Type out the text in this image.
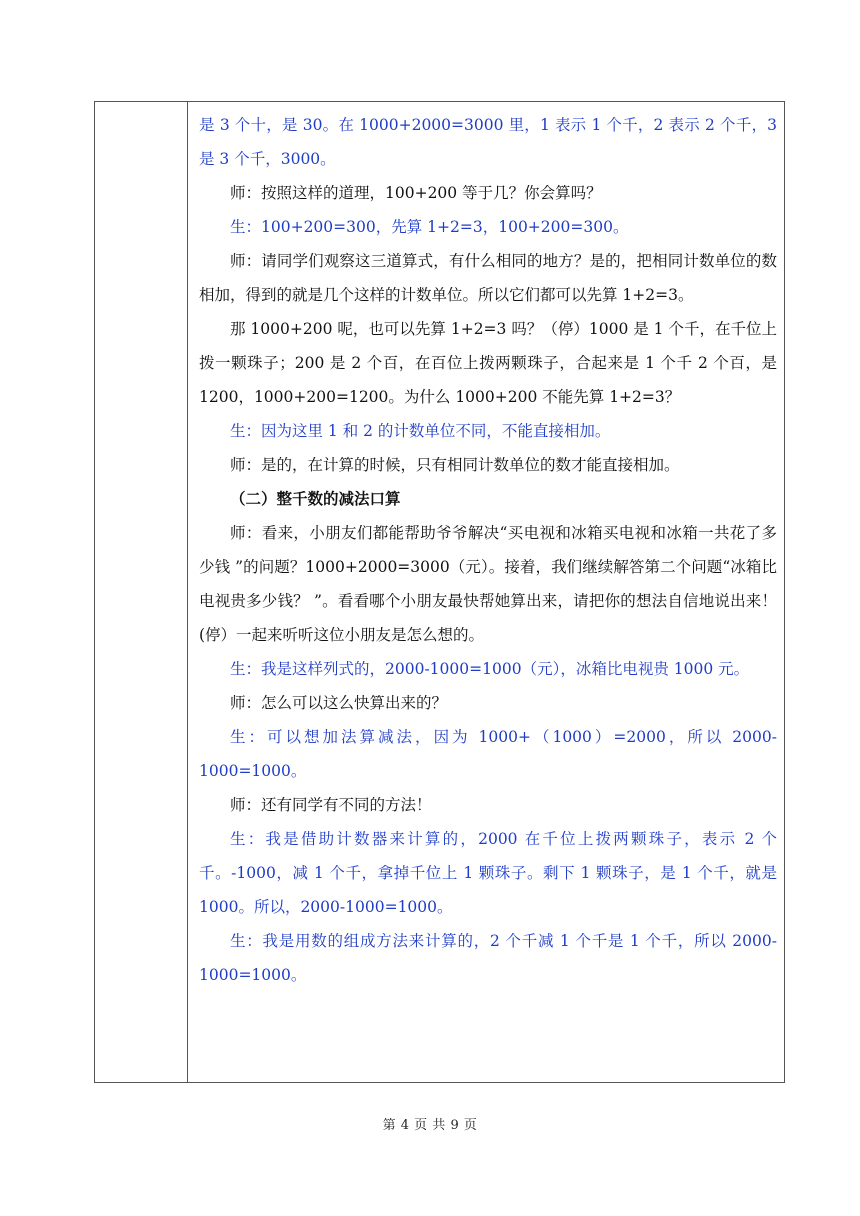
是 3 个十，是 30。在 1000+2000=3000 里，1 表示 1 个千，2 表示 2 个千，3 是 3 个千，3000。

师：按照这样的道理，100+200 等于几？你会算吗？

生：100+200=300，先算 1+2=3，100+200=300。

师：请同学们观察这三道算式，有什么相同的地方？是的，把相同计数单位的数相加，得到的就是几个这样的计数单位。所以它们都可以先算 1+2=3。

那 1000+200 呢，也可以先算 1+2=3 吗？（停）1000 是 1 个千，在千位上拨一颗珠子；200 是 2 个百，在百位上拨两颗珠子，合起来是 1 个千 2 个百，是 1200，1000+200=1200。为什么 1000+200 不能先算 1+2=3？

生：因为这里 1 和 2 的计数单位不同，不能直接相加。

师：是的，在计算的时候，只有相同计数单位的数才能直接相加。

（二）整千数的减法口算

师：看来，小朋友们都能帮助爷爷解决“买电视和冰箱买电视和冰箱一共花了多少钱 ”的问题？1000+2000=3000（元）。接着，我们继续解答第二个问题“冰箱比电视贵多少钱？ ”。看看哪个小朋友最快帮她算出来，请把你的想法自信地说出来！(停）一起来听听这位小朋友是怎么想的。

生：我是这样列式的，2000-1000=1000（元），冰箱比电视贵 1000 元。

师：怎么可以这么快算出来的？

生：可以想加法算减法，因为 1000+（1000）=2000，所以 2000-1000=1000。

师：还有同学有不同的方法！

生：我是借助计数器来计算的，2000 在千位上拨两颗珠子，表示 2 个千。-1000，减 1 个千，拿掉千位上 1 颗珠子。剩下 1 颗珠子，是 1 个千，就是 1000。所以，2000-1000=1000。

生：我是用数的组成方法来计算的，2 个千减 1 个千是 1 个千，所以 2000-1000=1000。

第 4 页 共 9 页
